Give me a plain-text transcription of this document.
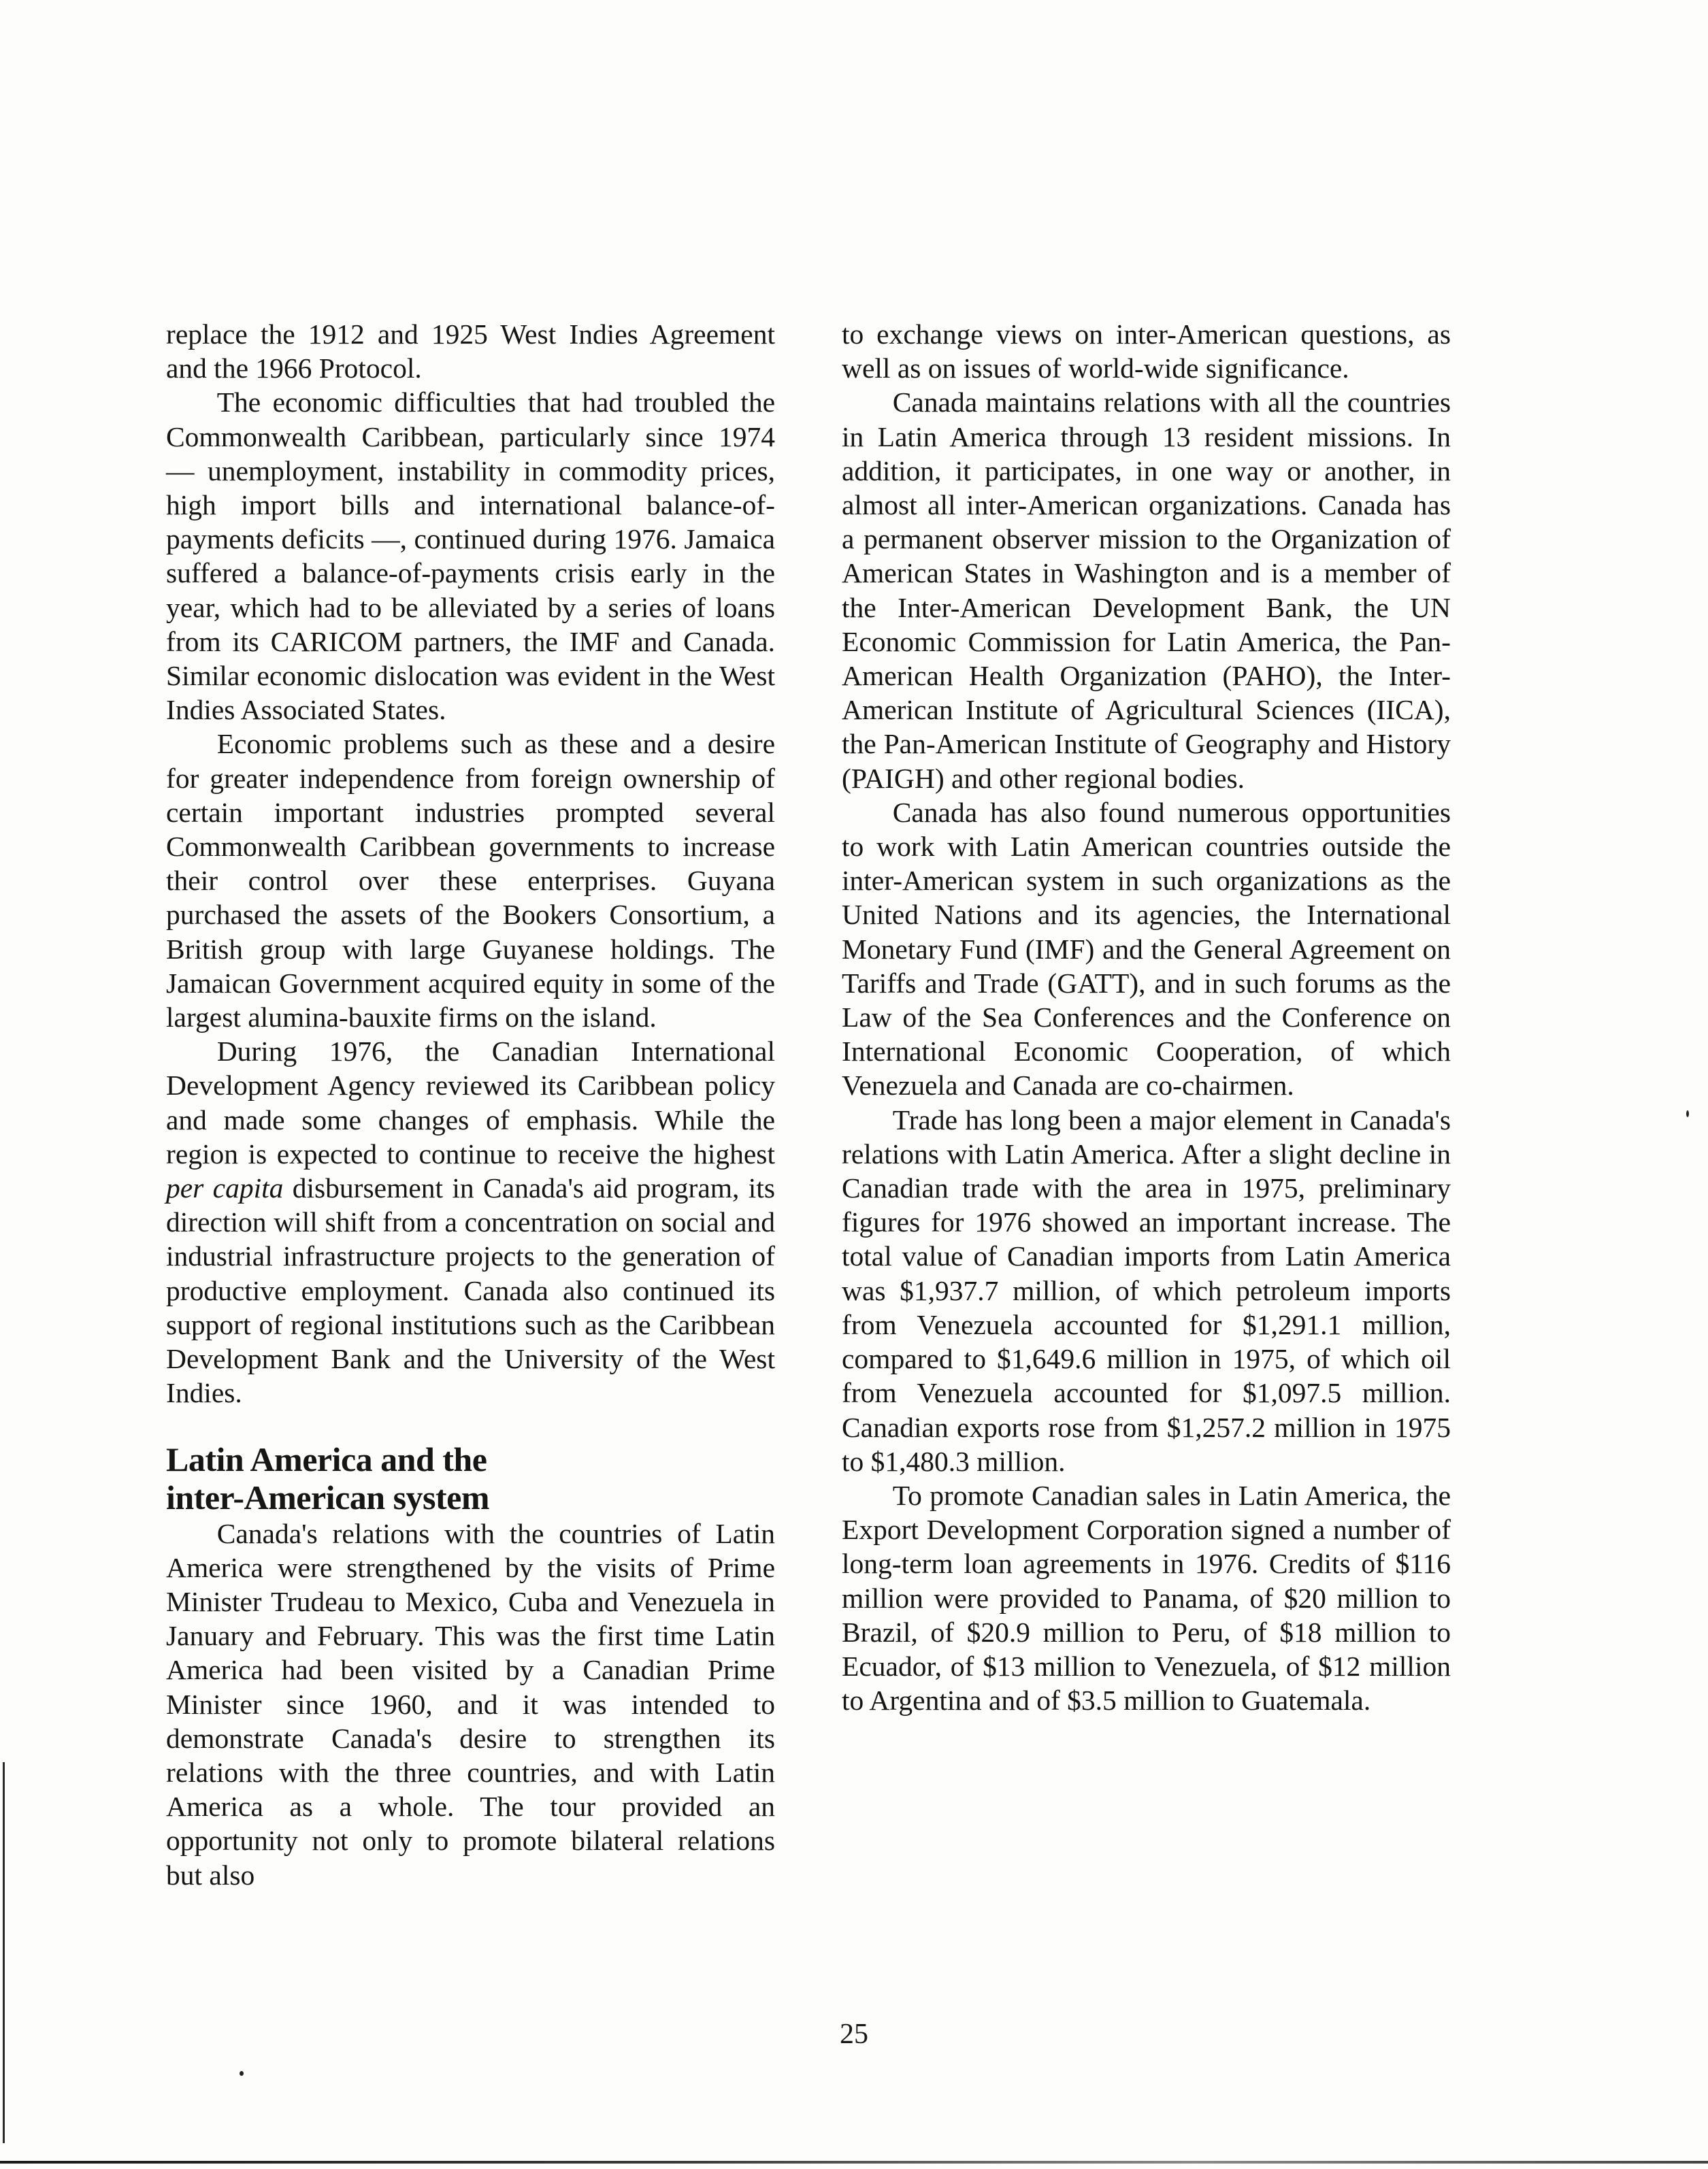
replace the 1912 and 1925 West Indies Agreement and the 1966 Protocol.

The economic difficulties that had troubled the Commonwealth Caribbean, particularly since 1974 — unemployment, instability in commodity prices, high import bills and international balance-of-payments deficits —, continued during 1976. Jamaica suffered a balance-of-payments crisis early in the year, which had to be alleviated by a series of loans from its CARICOM partners, the IMF and Canada. Similar economic dislocation was evident in the West Indies Associated States.

Economic problems such as these and a desire for greater independence from foreign ownership of certain important industries prompted several Commonwealth Caribbean governments to increase their control over these enterprises. Guyana purchased the assets of the Bookers Consortium, a British group with large Guyanese holdings. The Jamaican Government acquired equity in some of the largest alumina-bauxite firms on the island.

During 1976, the Canadian International Development Agency reviewed its Caribbean policy and made some changes of emphasis. While the region is expected to continue to receive the highest per capita disbursement in Canada's aid program, its direction will shift from a concentration on social and industrial infrastructure projects to the generation of productive employment. Canada also continued its support of regional institutions such as the Caribbean Development Bank and the University of the West Indies.

Latin America and the
inter-American system

Canada's relations with the countries of Latin America were strengthened by the visits of Prime Minister Trudeau to Mexico, Cuba and Venezuela in January and February. This was the first time Latin America had been visited by a Canadian Prime Minister since 1960, and it was intended to demonstrate Canada's desire to strengthen its relations with the three countries, and with Latin America as a whole. The tour provided an opportunity not only to promote bilateral relations but also

to exchange views on inter-American questions, as well as on issues of world-wide significance.

Canada maintains relations with all the countries in Latin America through 13 resident missions. In addition, it participates, in one way or another, in almost all inter-American organizations. Canada has a permanent observer mission to the Organization of American States in Washington and is a member of the Inter-American Development Bank, the UN Economic Commission for Latin America, the Pan-American Health Organization (PAHO), the Inter-American Institute of Agricultural Sciences (IICA), the Pan-American Institute of Geography and History (PAIGH) and other regional bodies.

Canada has also found numerous opportunities to work with Latin American countries outside the inter-American system in such organizations as the United Nations and its agencies, the International Monetary Fund (IMF) and the General Agreement on Tariffs and Trade (GATT), and in such forums as the Law of the Sea Conferences and the Conference on International Economic Cooperation, of which Venezuela and Canada are co-chairmen.

Trade has long been a major element in Canada's relations with Latin America. After a slight decline in Canadian trade with the area in 1975, preliminary figures for 1976 showed an important increase. The total value of Canadian imports from Latin America was $1,937.7 million, of which petroleum imports from Venezuela accounted for $1,291.1 million, compared to $1,649.6 million in 1975, of which oil from Venezuela accounted for $1,097.5 million. Canadian exports rose from $1,257.2 million in 1975 to $1,480.3 million.

To promote Canadian sales in Latin America, the Export Development Corporation signed a number of long-term loan agreements in 1976. Credits of $116 million were provided to Panama, of $20 million to Brazil, of $20.9 million to Peru, of $18 million to Ecuador, of $13 million to Venezuela, of $12 million to Argentina and of $3.5 million to Guatemala.

25
